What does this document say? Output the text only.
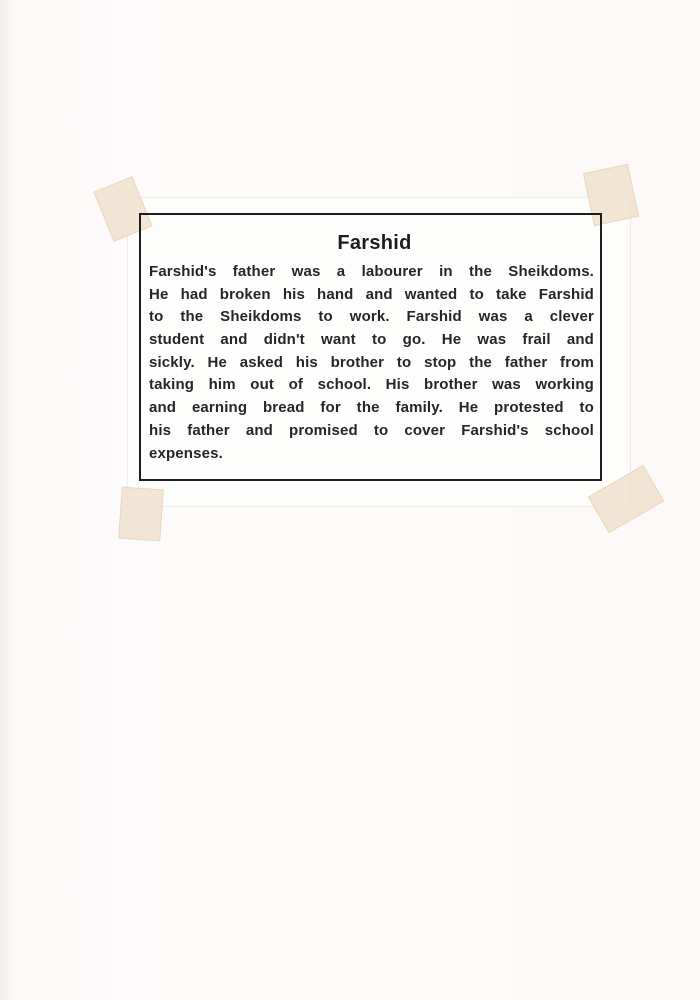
Farshid
Farshid's father was a labourer in the Sheikdoms.
He had broken his hand and wanted to take Farshid
to the Sheikdoms to work. Farshid was a clever
student and didn't want to go. He was frail and
sickly. He asked his brother to stop the father from
taking him out of school. His brother was working
and earning bread for the family. He protested to
his father and promised to cover Farshid's school
expenses.
